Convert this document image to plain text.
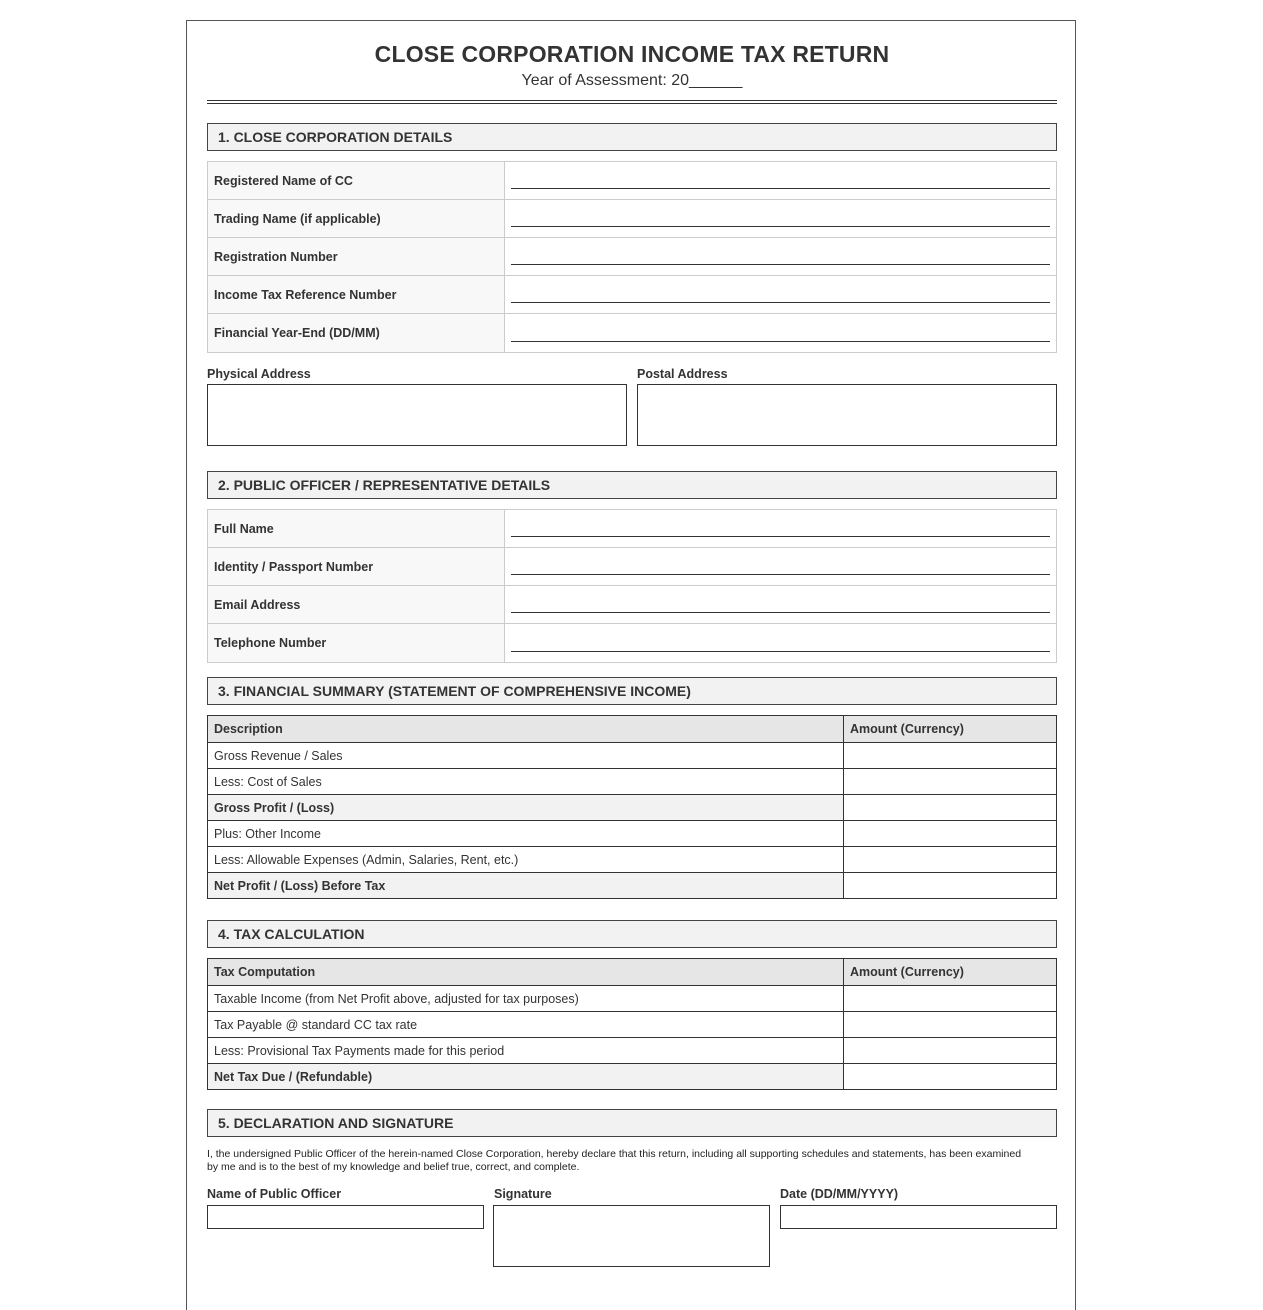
CLOSE CORPORATION INCOME TAX RETURN
Year of Assessment: 20______
1. CLOSE CORPORATION DETAILS
Registered Name of CC
Trading Name (if applicable)
Registration Number
Income Tax Reference Number
Financial Year-End (DD/MM)
Physical Address	Postal Address
2. PUBLIC OFFICER / REPRESENTATIVE DETAILS
Full Name
Identity / Passport Number
Email Address
Telephone Number
3. FINANCIAL SUMMARY (STATEMENT OF COMPREHENSIVE INCOME)
Description	Amount (Currency)
Gross Revenue / Sales	
Less: Cost of Sales	
Gross Profit / (Loss)	
Plus: Other Income	
Less: Allowable Expenses (Admin, Salaries, Rent, etc.)	
Net Profit / (Loss) Before Tax	
4. TAX CALCULATION
Tax Computation	Amount (Currency)
Taxable Income (from Net Profit above, adjusted for tax purposes)	
Tax Payable @ standard CC tax rate	
Less: Provisional Tax Payments made for this period	
Net Tax Due / (Refundable)	
5. DECLARATION AND SIGNATURE
I, the undersigned Public Officer of the herein-named Close Corporation, hereby declare that this return, including all supporting schedules and statements, has been examined by me and is to the best of my knowledge and belief true, correct, and complete.
Name of Public Officer	Signature	Date (DD/MM/YYYY)
